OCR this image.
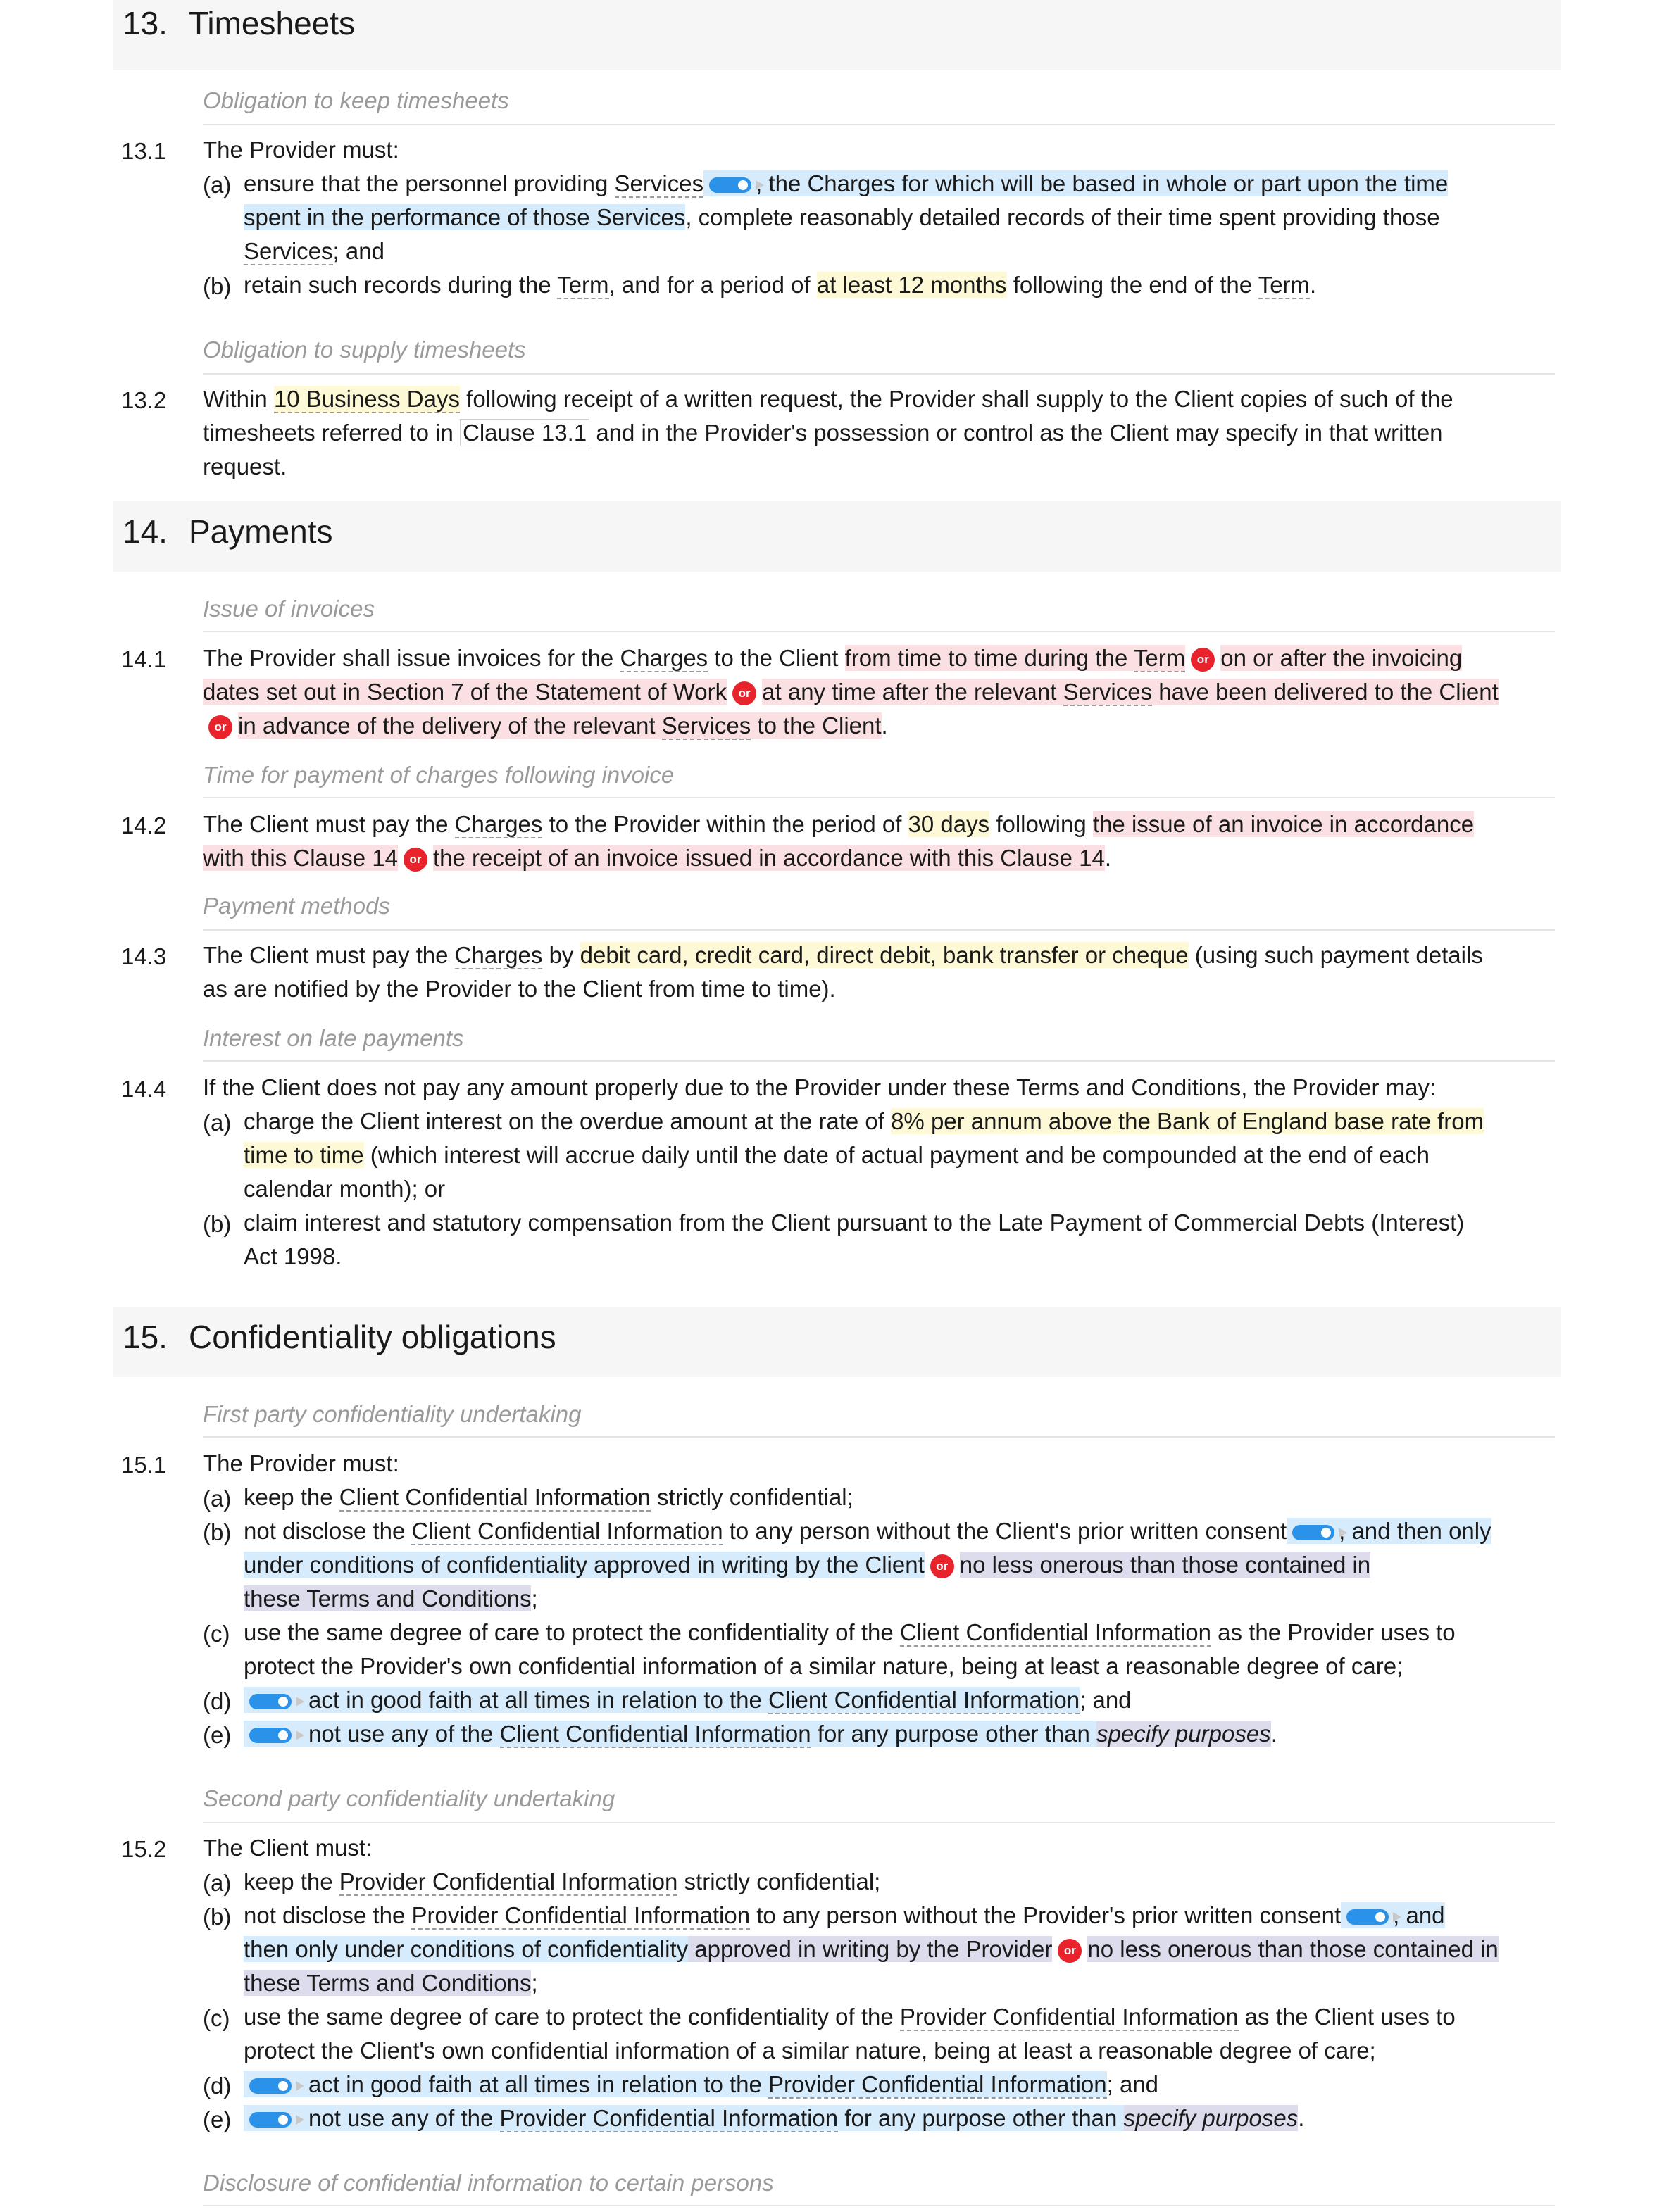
13. Timesheets
Obligation to keep timesheets
13.1 The Provider must:
(a) ensure that the personnel providing Services , the Charges for which will be based in whole or part upon the time
spent in the performance of those Services, complete reasonably detailed records of their time spent providing those
Services; and
(b) retain such records during the Term, and for a period of at least 12 months following the end of the Term.
Obligation to supply timesheets
13.2 Within 10 Business Days following receipt of a written request, the Provider shall supply to the Client copies of such of the
timesheets referred to in Clause 13.1 and in the Provider's possession or control as the Client may specify in that written
request.
14. Payments
Issue of invoices
14.1 The Provider shall issue invoices for the Charges to the Client from time to time during the Term or on or after the invoicing
dates set out in Section 7 of the Statement of Work or at any time after the relevant Services have been delivered to the Client
or in advance of the delivery of the relevant Services to the Client.
Time for payment of charges following invoice
14.2 The Client must pay the Charges to the Provider within the period of 30 days following the issue of an invoice in accordance
with this Clause 14 or the receipt of an invoice issued in accordance with this Clause 14.
Payment methods
14.3 The Client must pay the Charges by debit card, credit card, direct debit, bank transfer or cheque (using such payment details
as are notified by the Provider to the Client from time to time).
Interest on late payments
14.4 If the Client does not pay any amount properly due to the Provider under these Terms and Conditions, the Provider may:
(a) charge the Client interest on the overdue amount at the rate of 8% per annum above the Bank of England base rate from
time to time (which interest will accrue daily until the date of actual payment and be compounded at the end of each
calendar month); or
(b) claim interest and statutory compensation from the Client pursuant to the Late Payment of Commercial Debts (Interest)
Act 1998.
15. Confidentiality obligations
First party confidentiality undertaking
15.1 The Provider must:
(a) keep the Client Confidential Information strictly confidential;
(b) not disclose the Client Confidential Information to any person without the Client's prior written consent , and then only
under conditions of confidentiality approved in writing by the Client or no less onerous than those contained in
these Terms and Conditions;
(c) use the same degree of care to protect the confidentiality of the Client Confidential Information as the Provider uses to
protect the Provider's own confidential information of a similar nature, being at least a reasonable degree of care;
(d)	act in good faith at all times in relation to the Client Confidential Information; and
(e)	not use any of the Client Confidential Information for any purpose other than specify purposes.
Second party confidentiality undertaking
15.2 The Client must:
(a) keep the Provider Confidential Information strictly confidential;
(b) not disclose the Provider Confidential Information to any person without the Provider's prior written consent , and
then only under conditions of confidentiality approved in writing by the Provider or no less onerous than those contained in
these Terms and Conditions;
(c) use the same degree of care to protect the confidentiality of the Provider Confidential Information as the Client uses to
protect the Client's own confidential information of a similar nature, being at least a reasonable degree of care;
(d)	act in good faith at all times in relation to the Provider Confidential Information; and
(e)	not use any of the Provider Confidential Information for any purpose other than specify purposes.
Disclosure of confidential information to certain persons
